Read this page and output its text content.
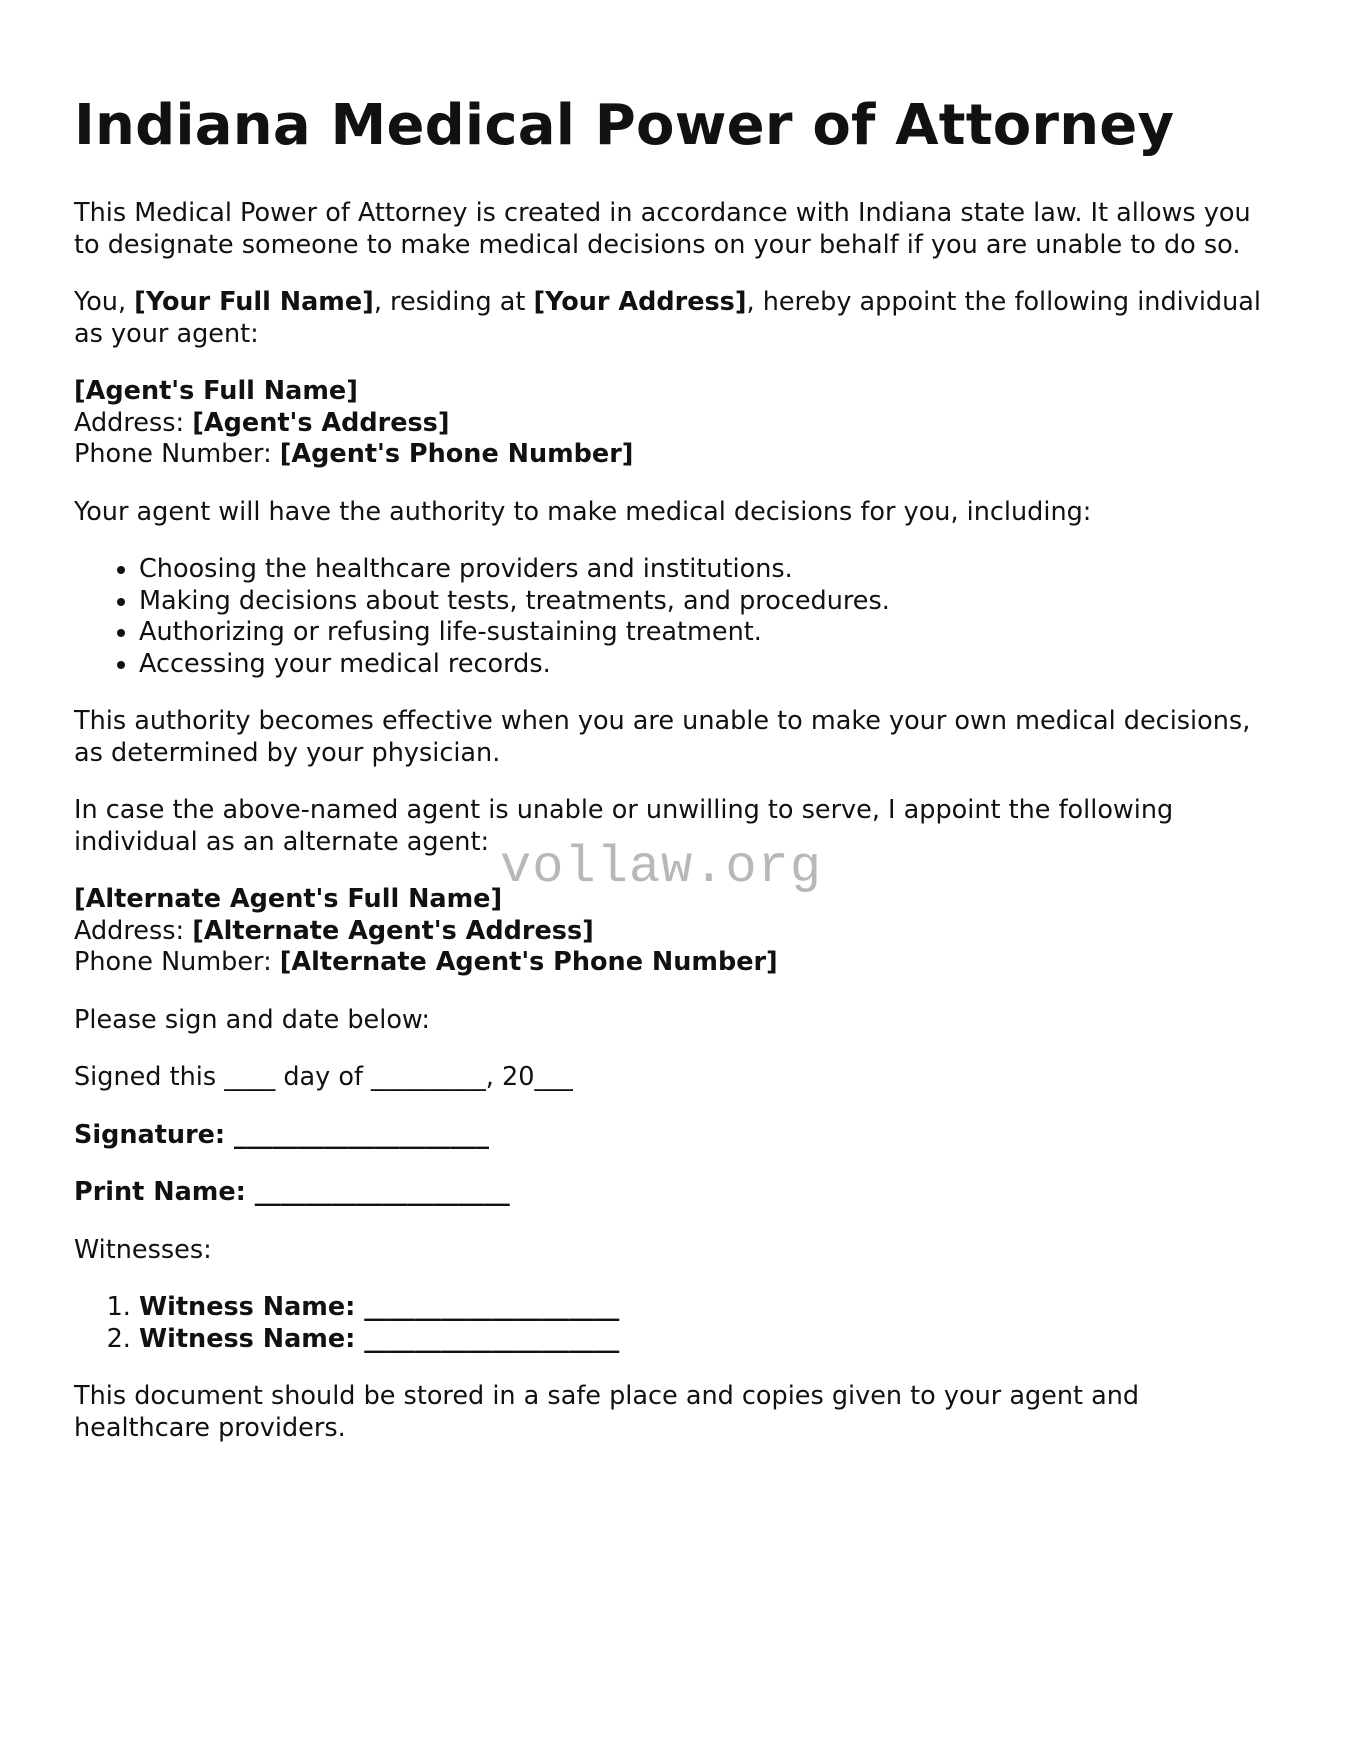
Indiana Medical Power of Attorney

This Medical Power of Attorney is created in accordance with Indiana state law. It allows you to designate someone to make medical decisions on your behalf if you are unable to do so.

You, [Your Full Name], residing at [Your Address], hereby appoint the following individual as your agent:

[Agent's Full Name]
Address: [Agent's Address]
Phone Number: [Agent's Phone Number]

Your agent will have the authority to make medical decisions for you, including:

• Choosing the healthcare providers and institutions.
• Making decisions about tests, treatments, and procedures.
• Authorizing or refusing life-sustaining treatment.
• Accessing your medical records.

This authority becomes effective when you are unable to make your own medical decisions, as determined by your physician.

In case the above-named agent is unable or unwilling to serve, I appoint the following individual as an alternate agent:

[Alternate Agent's Full Name]
Address: [Alternate Agent's Address]
Phone Number: [Alternate Agent's Phone Number]

Please sign and date below:

Signed this ____ day of _________, 20___

Signature: ____________________

Print Name: ____________________

Witnesses:

1. Witness Name: ____________________
2. Witness Name: ____________________

This document should be stored in a safe place and copies given to your agent and healthcare providers.

vollaw.org
